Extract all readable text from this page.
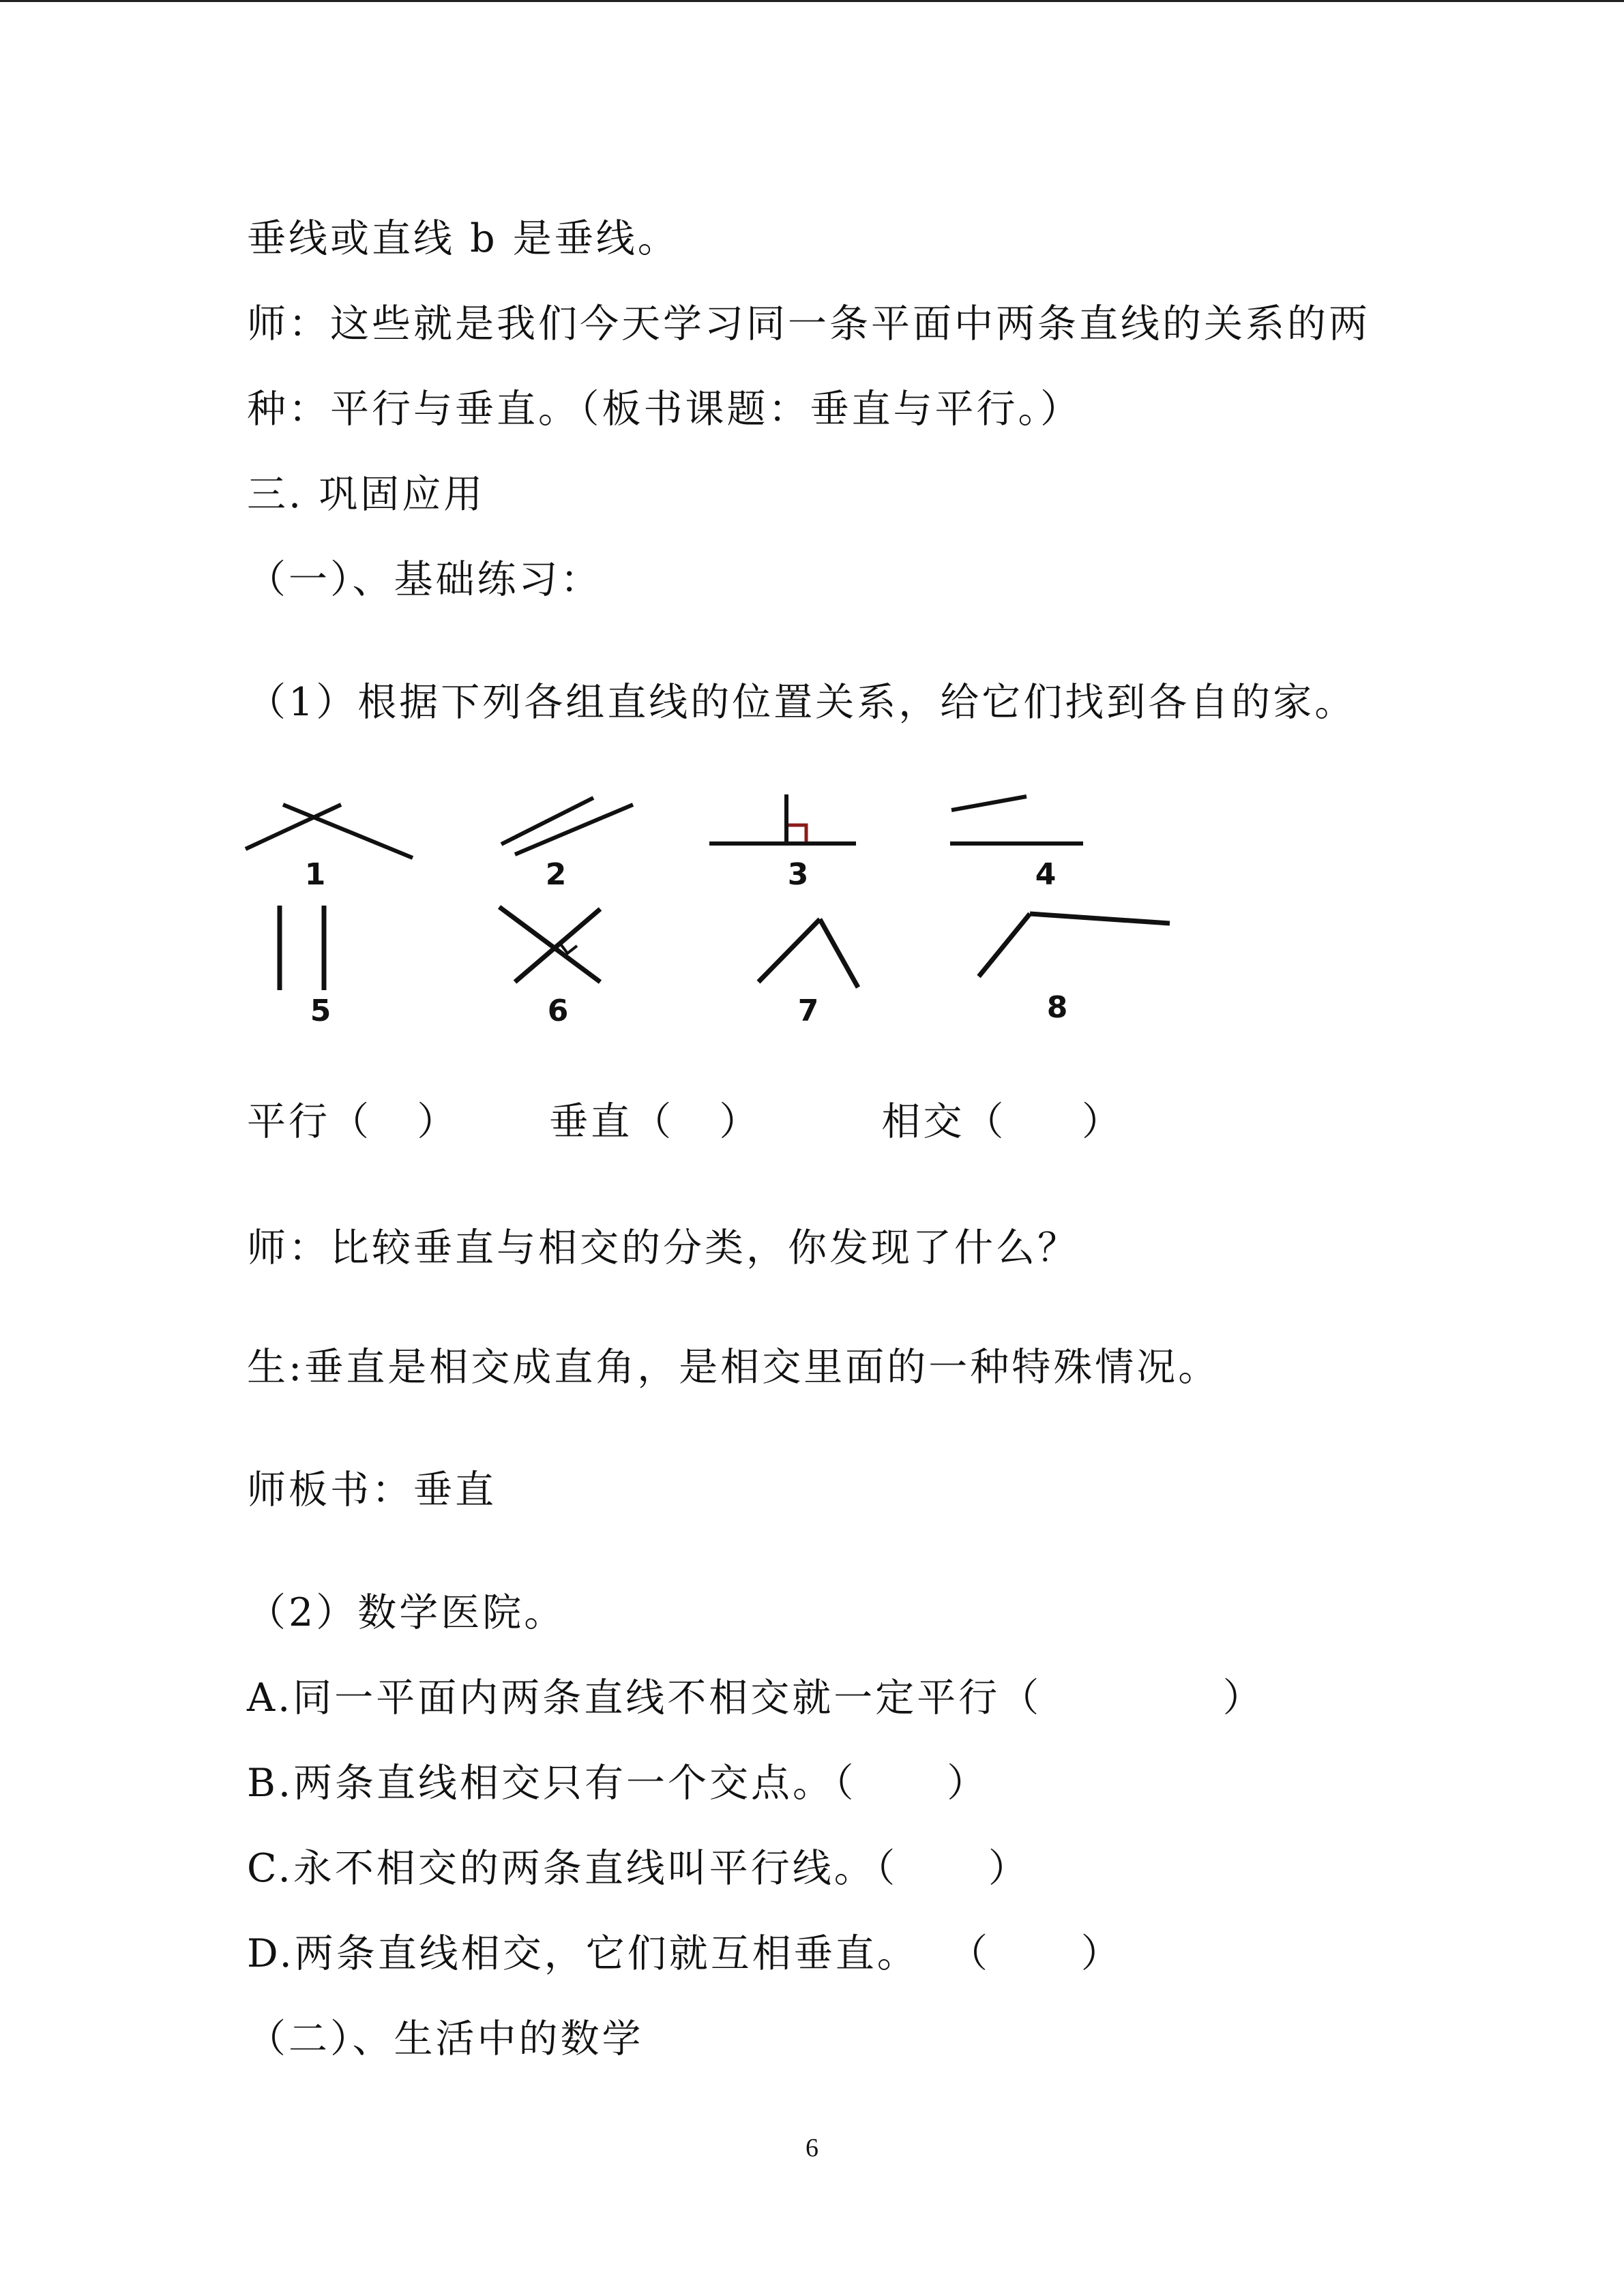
垂线或直线 b 是垂线。
师：这些就是我们今天学习同一条平面中两条直线的关系的两
种：平行与垂直。（板书课题：垂直与平行。）
三. 巩固应用
（一）、基础练习：
（1）根据下列各组直线的位置关系，给它们找到各自的家。
1	2	3	4
5	6	7	8
平行（   ）      垂直（   ）        相交（     ）
师：比较垂直与相交的分类，你发现了什么？
生:垂直是相交成直角，是相交里面的一种特殊情况。
师板书：垂直
（2）数学医院。
A.同一平面内两条直线不相交就一定平行（            ）
B.两条直线相交只有一个交点。（      ）
C.永不相交的两条直线叫平行线。（      ）
D.两条直线相交，它们就互相垂直。  （      ）
（二）、生活中的数学
6
